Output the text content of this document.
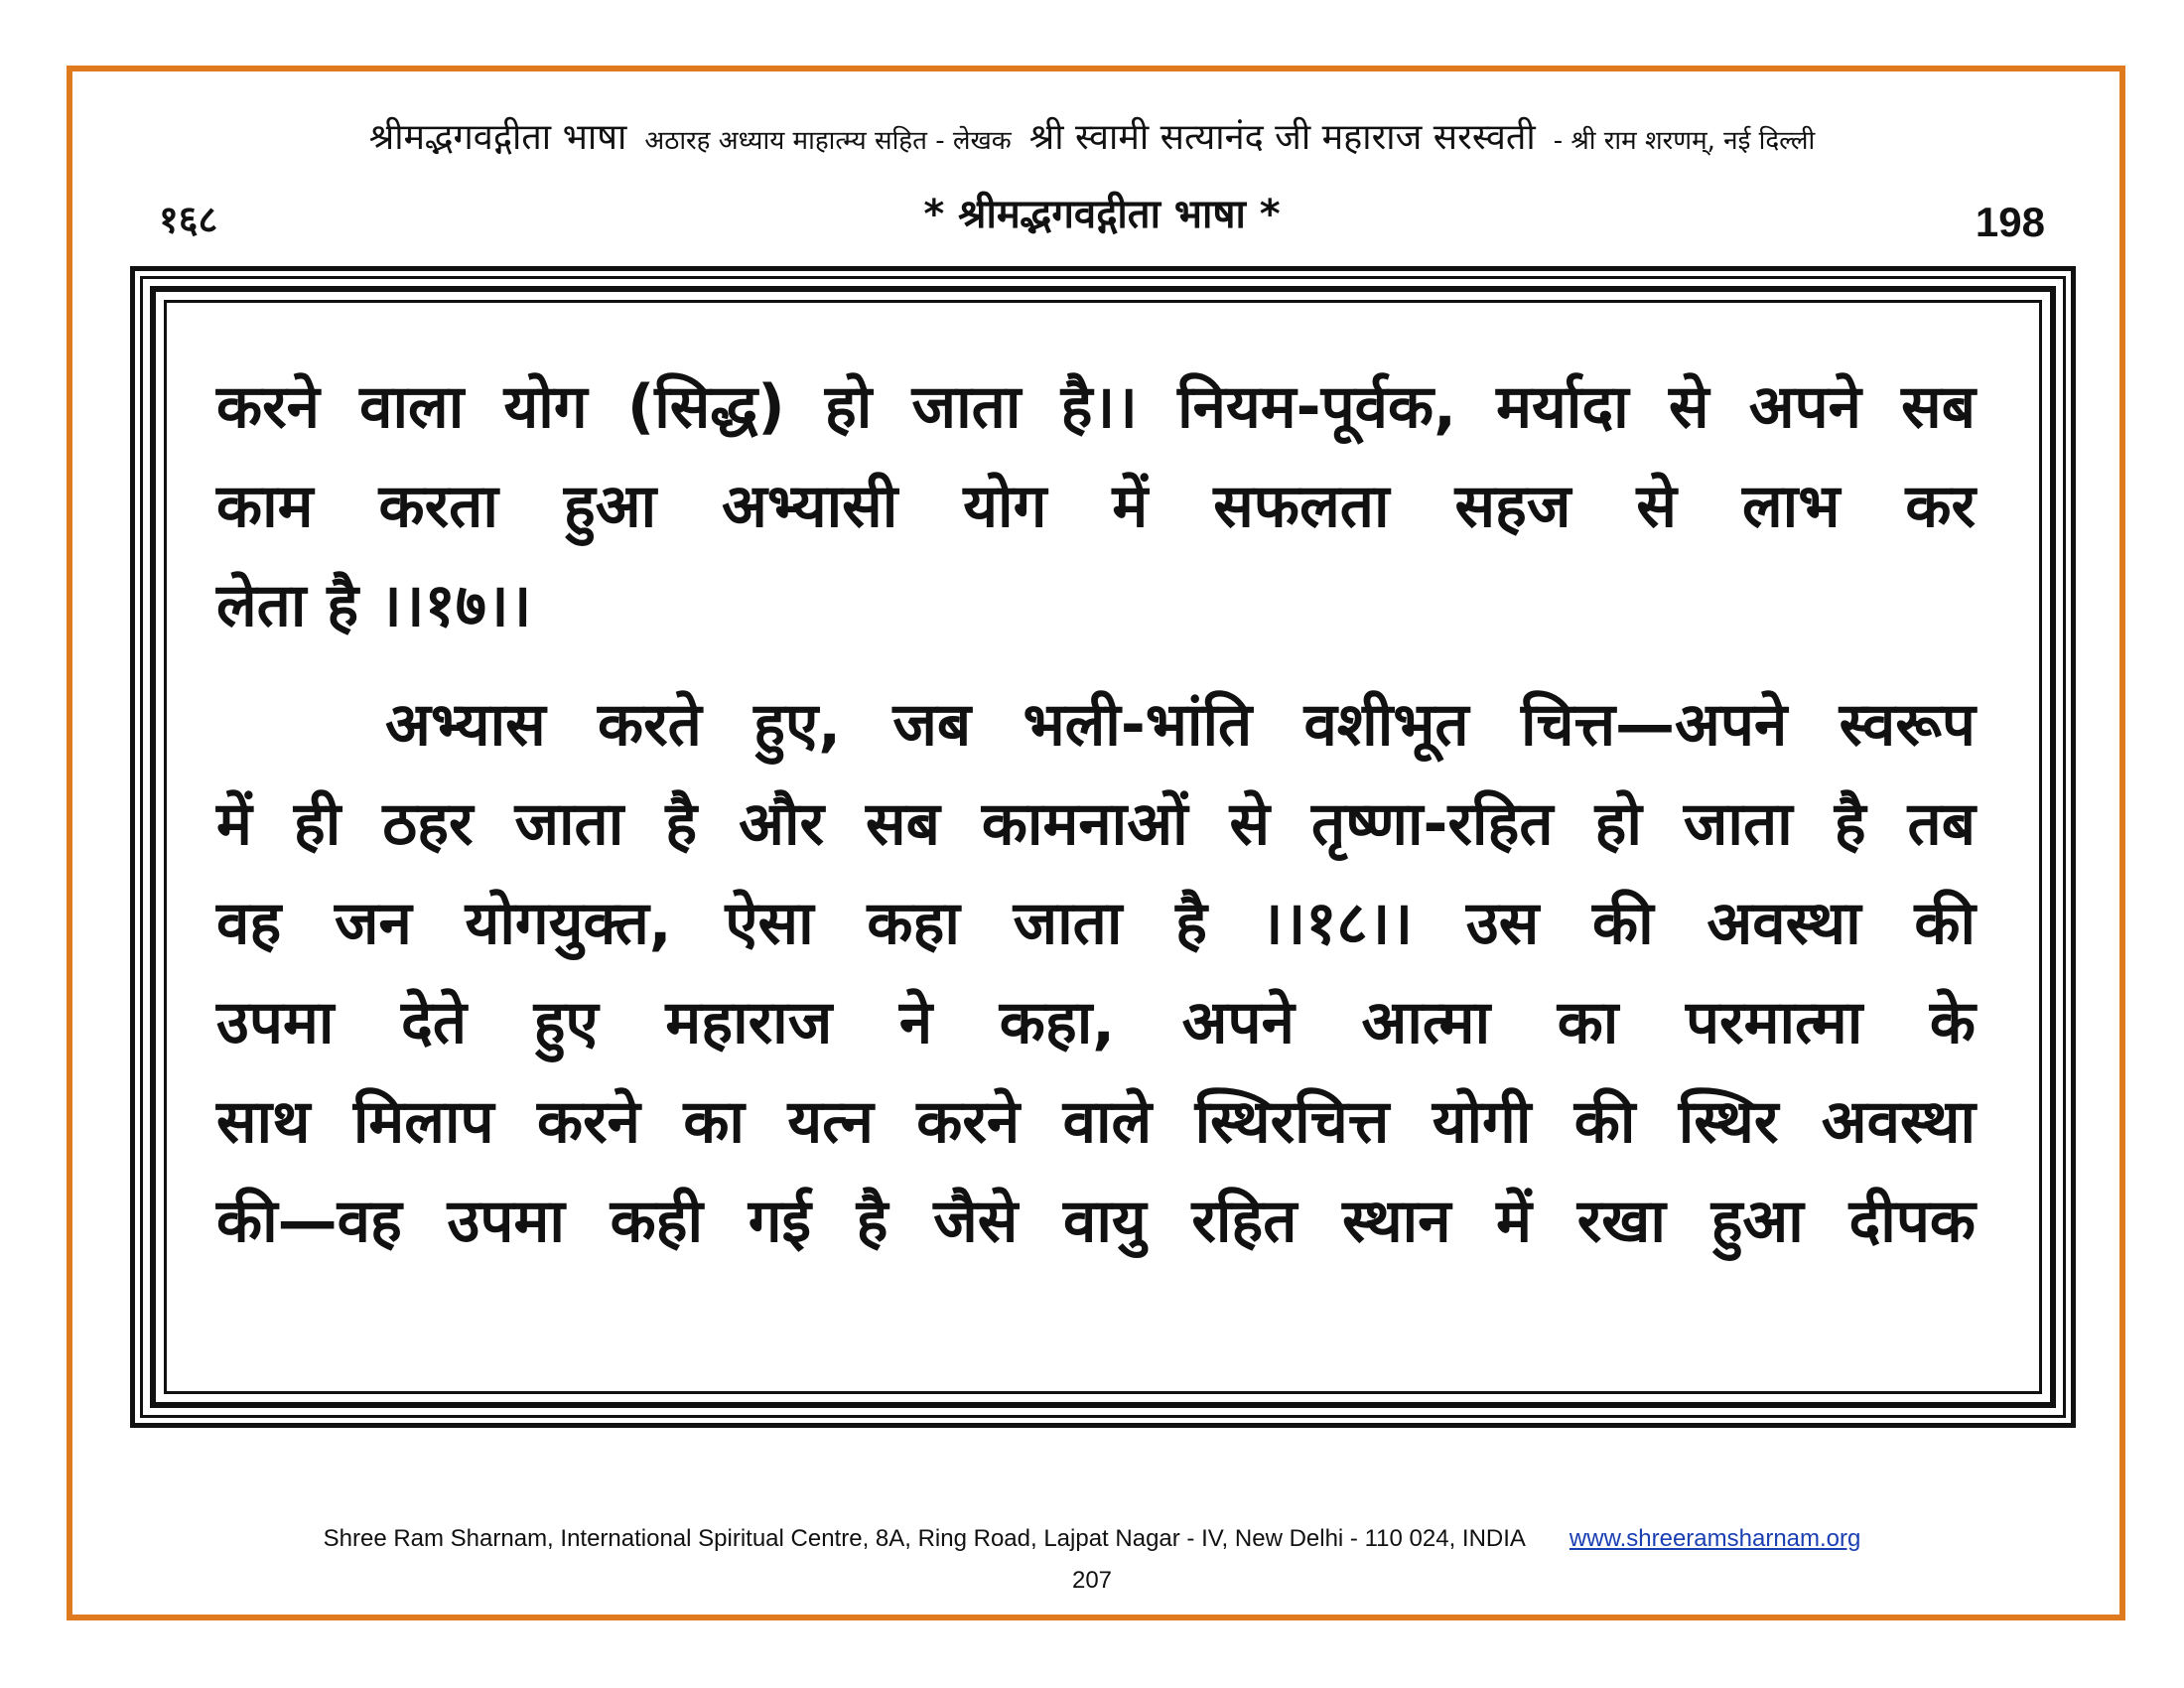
श्रीमद्भगवद्गीता भाषा अठारह अध्याय माहात्म्य सहित - लेखक श्री स्वामी सत्यानंद जी महाराज सरस्वती - श्री राम शरणम्, नई दिल्ली
१६८	* श्रीमद्भगवद्गीता भाषा *	198
करने वाला योग (सिद्ध) हो जाता है।। नियम-पूर्वक, मर्यादा से अपने सब
काम करता हुआ अभ्यासी योग में सफलता सहज से लाभ कर
लेता है ।।१७।।
अभ्यास करते हुए, जब भली-भांति वशीभूत चित्त—अपने स्वरूप
में ही ठहर जाता है और सब कामनाओं से तृष्णा-रहित हो जाता है तब
वह जन योगयुक्त, ऐसा कहा जाता है ।।१८।। उस की अवस्था की
उपमा देते हुए महाराज ने कहा, अपने आत्मा का परमात्मा के
साथ मिलाप करने का यत्न करने वाले स्थिरचित्त योगी की स्थिर अवस्था
की—वह उपमा कही गई है जैसे वायु रहित स्थान में रखा हुआ दीपक
Shree Ram Sharnam, International Spiritual Centre, 8A, Ring Road, Lajpat Nagar - IV, New Delhi - 110 024, INDIA www.shreeramsharnam.org
207
